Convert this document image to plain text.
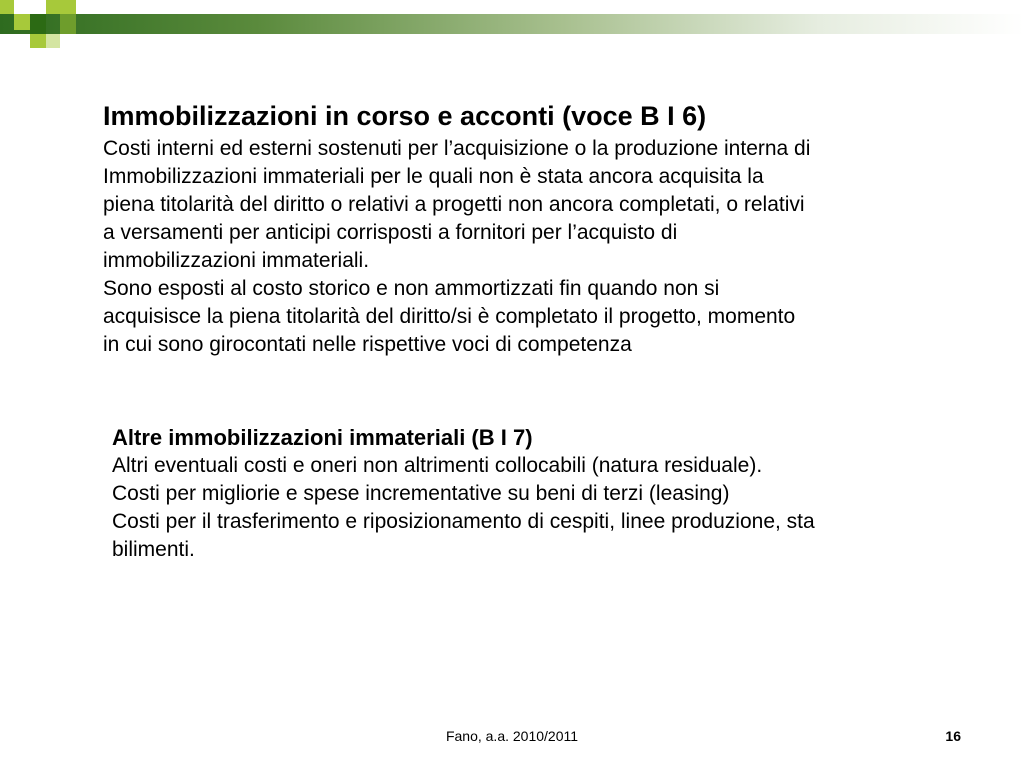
Immobilizzazioni in corso e acconti (voce B I 6)
Costi interni ed esterni sostenuti per l’acquisizione o la produzione interna di
Immobilizzazioni immateriali per le quali non è stata ancora acquisita la
piena titolarità del diritto o relativi a progetti non ancora completati, o relativi
a versamenti per anticipi corrisposti a fornitori per l’acquisto di
immobilizzazioni immateriali.
Sono esposti al costo storico e non ammortizzati fin quando non si
acquisisce la piena titolarità del diritto/si è completato il progetto, momento
in cui sono girocontati nelle rispettive voci di competenza
Altre immobilizzazioni immateriali (B I 7)
Altri eventuali costi e oneri non altrimenti collocabili (natura residuale).
Costi per migliorie e spese incrementative su beni di terzi (leasing)
Costi per il trasferimento e riposizionamento di cespiti, linee produzione, sta
bilimenti.
Fano, a.a. 2010/2011	16
